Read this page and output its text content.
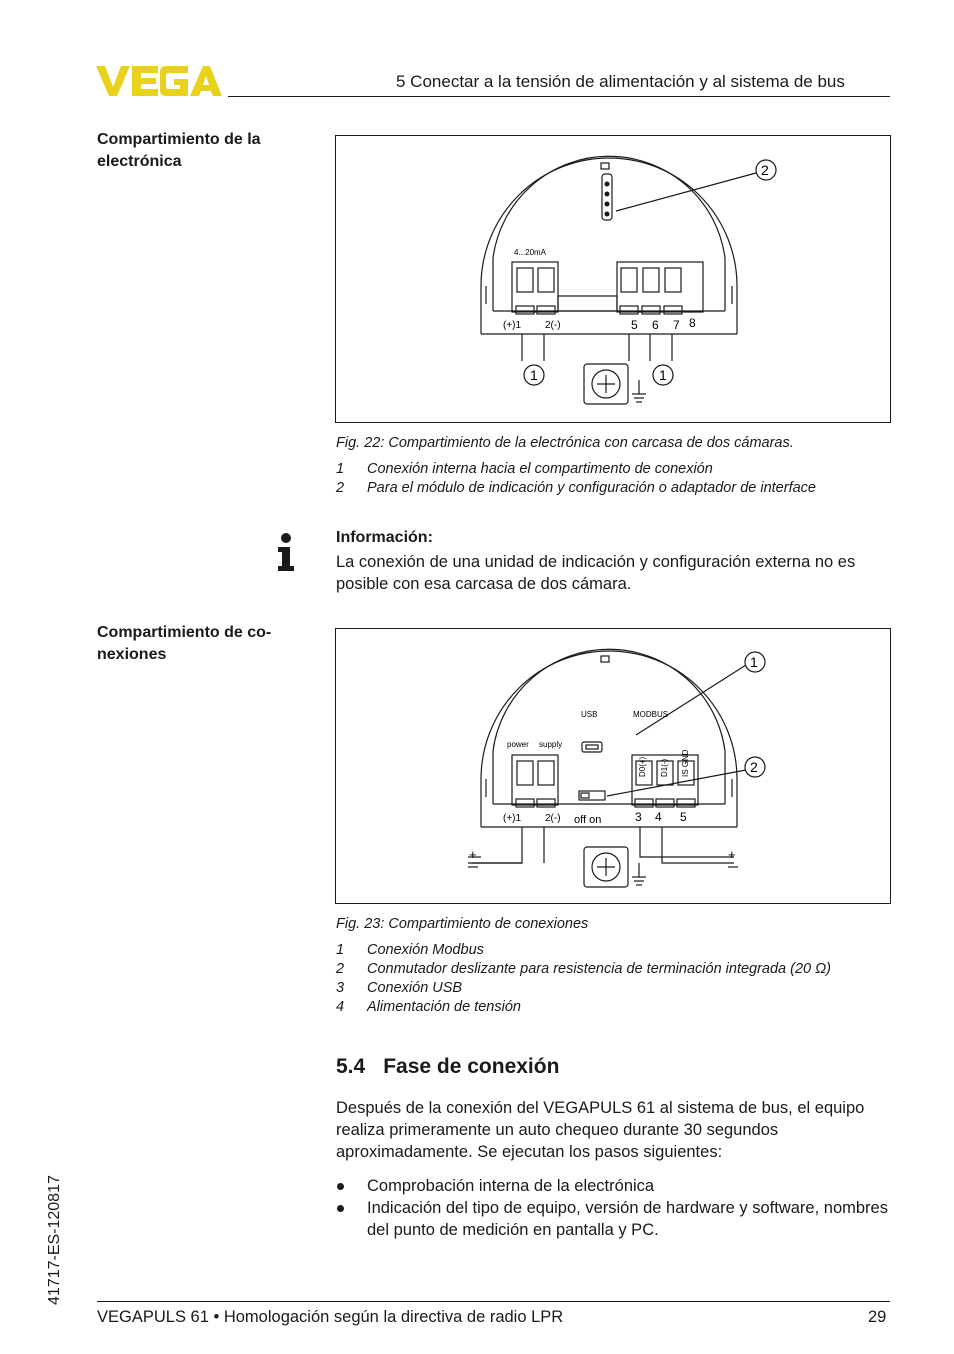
5 Conectar a la tensión de alimentación y al sistema de bus
Compartimiento de la electrónica
4...20mA
(+)1 2(-)	5 6 7 8
2
1	1
Fig. 22: Compartimiento de la electrónica con carcasa de dos cámaras.
1	Conexión interna hacia el compartimento de conexión
2	Para el módulo de indicación y configuración o adaptador de interface
Información:
La conexión de una unidad de indicación y configuración externa no es posible con esa carcasa de dos cámara.
Compartimiento de co-nexiones
USB	MODBUS
D0(+) D1(-) IS GND
power supply
(+)1 2(-) off on	3 4 5
+	+
1
2
Fig. 23: Compartimiento de conexiones
1	Conexión Modbus
2	Conmutador deslizante para resistencia de terminación integrada (20 Ω)
3	Conexión USB
4	Alimentación de tensión
5.4 Fase de conexión
Después de la conexión del VEGAPULS 61 al sistema de bus, el equipo realiza primeramente un auto chequeo durante 30 segundos aproximadamente. Se ejecutan los pasos siguientes:
Comprobación interna de la electrónica
Indicación del tipo de equipo, versión de hardware y software, nombres del punto de medición en pantalla y PC.
41717-ES-120817
VEGAPULS 61 • Homologación según la directiva de radio LPR	29
